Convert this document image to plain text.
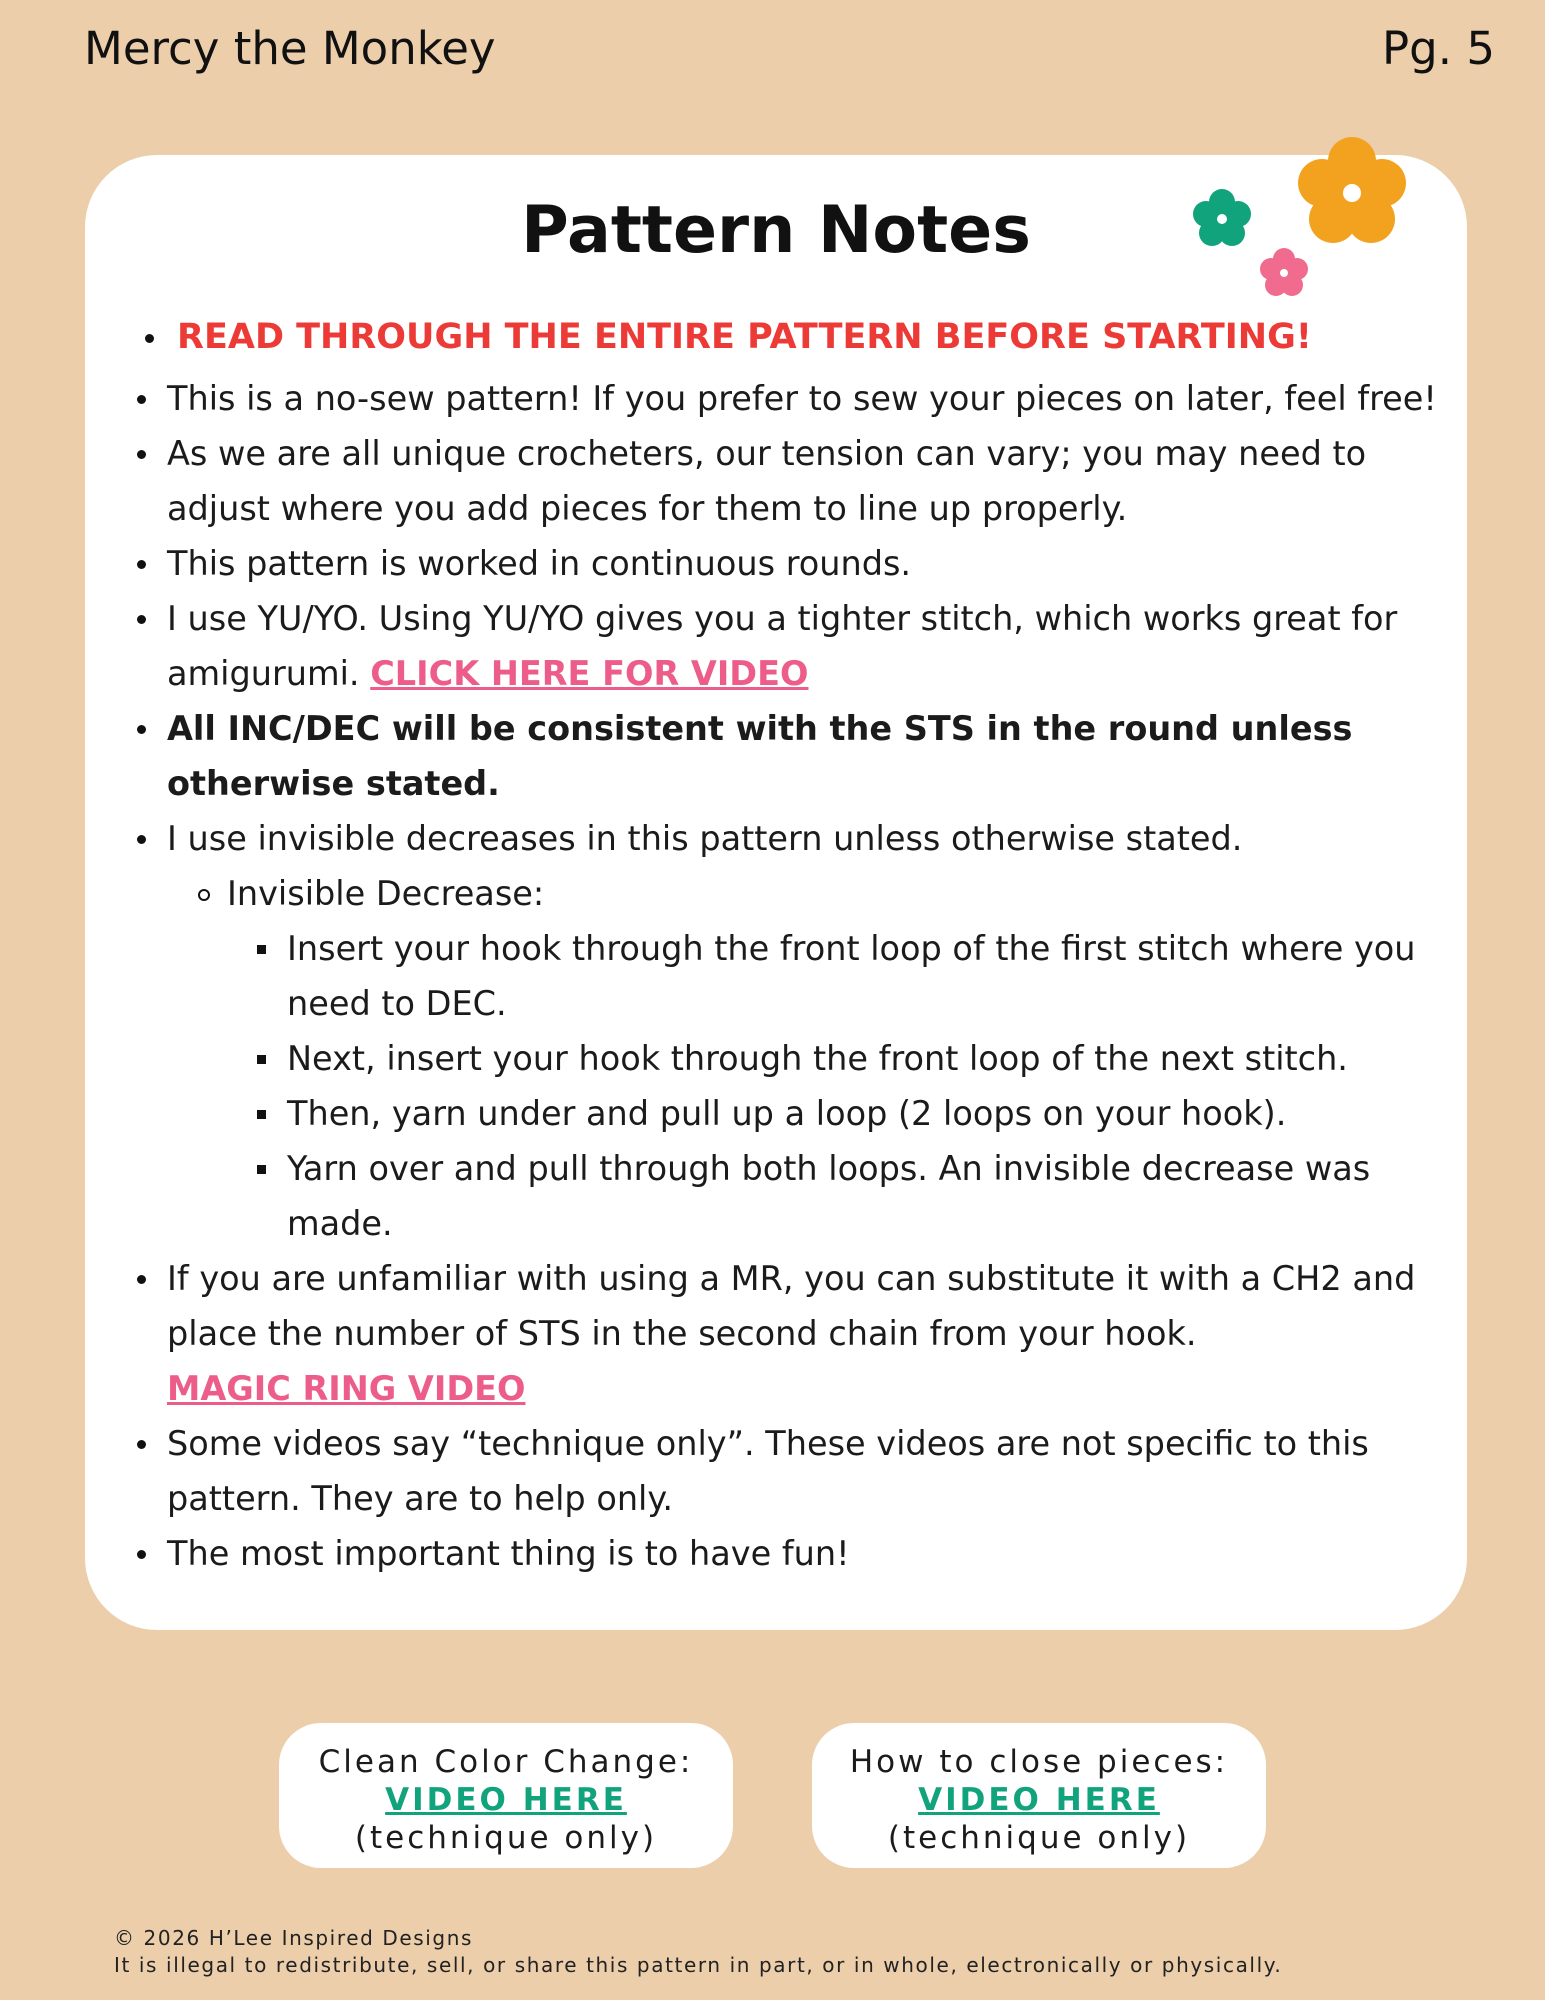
Mercy the Monkey	Pg. 5
Pattern Notes
READ THROUGH THE ENTIRE PATTERN BEFORE STARTING!
This is a no-sew pattern! If you prefer to sew your pieces on later, feel free!
As we are all unique crocheters, our tension can vary; you may need to adjust where you add pieces for them to line up properly.
This pattern is worked in continuous rounds.
I use YU/YO. Using YU/YO gives you a tighter stitch, which works great for amigurumi. CLICK HERE FOR VIDEO
All INC/DEC will be consistent with the STS in the round unless otherwise stated.
I use invisible decreases in this pattern unless otherwise stated.
Invisible Decrease:
Insert your hook through the front loop of the first stitch where you need to DEC.
Next, insert your hook through the front loop of the next stitch.
Then, yarn under and pull up a loop (2 loops on your hook).
Yarn over and pull through both loops. An invisible decrease was made.
If you are unfamiliar with using a MR, you can substitute it with a CH2 and place the number of STS in the second chain from your hook.
MAGIC RING VIDEO
Some videos say “technique only”. These videos are not specific to this pattern. They are to help only.
The most important thing is to have fun!
Clean Color Change:
VIDEO HERE
(technique only)
How to close pieces:
VIDEO HERE
(technique only)
© 2026 H’Lee Inspired Designs
It is illegal to redistribute, sell, or share this pattern in part, or in whole, electronically or physically.
